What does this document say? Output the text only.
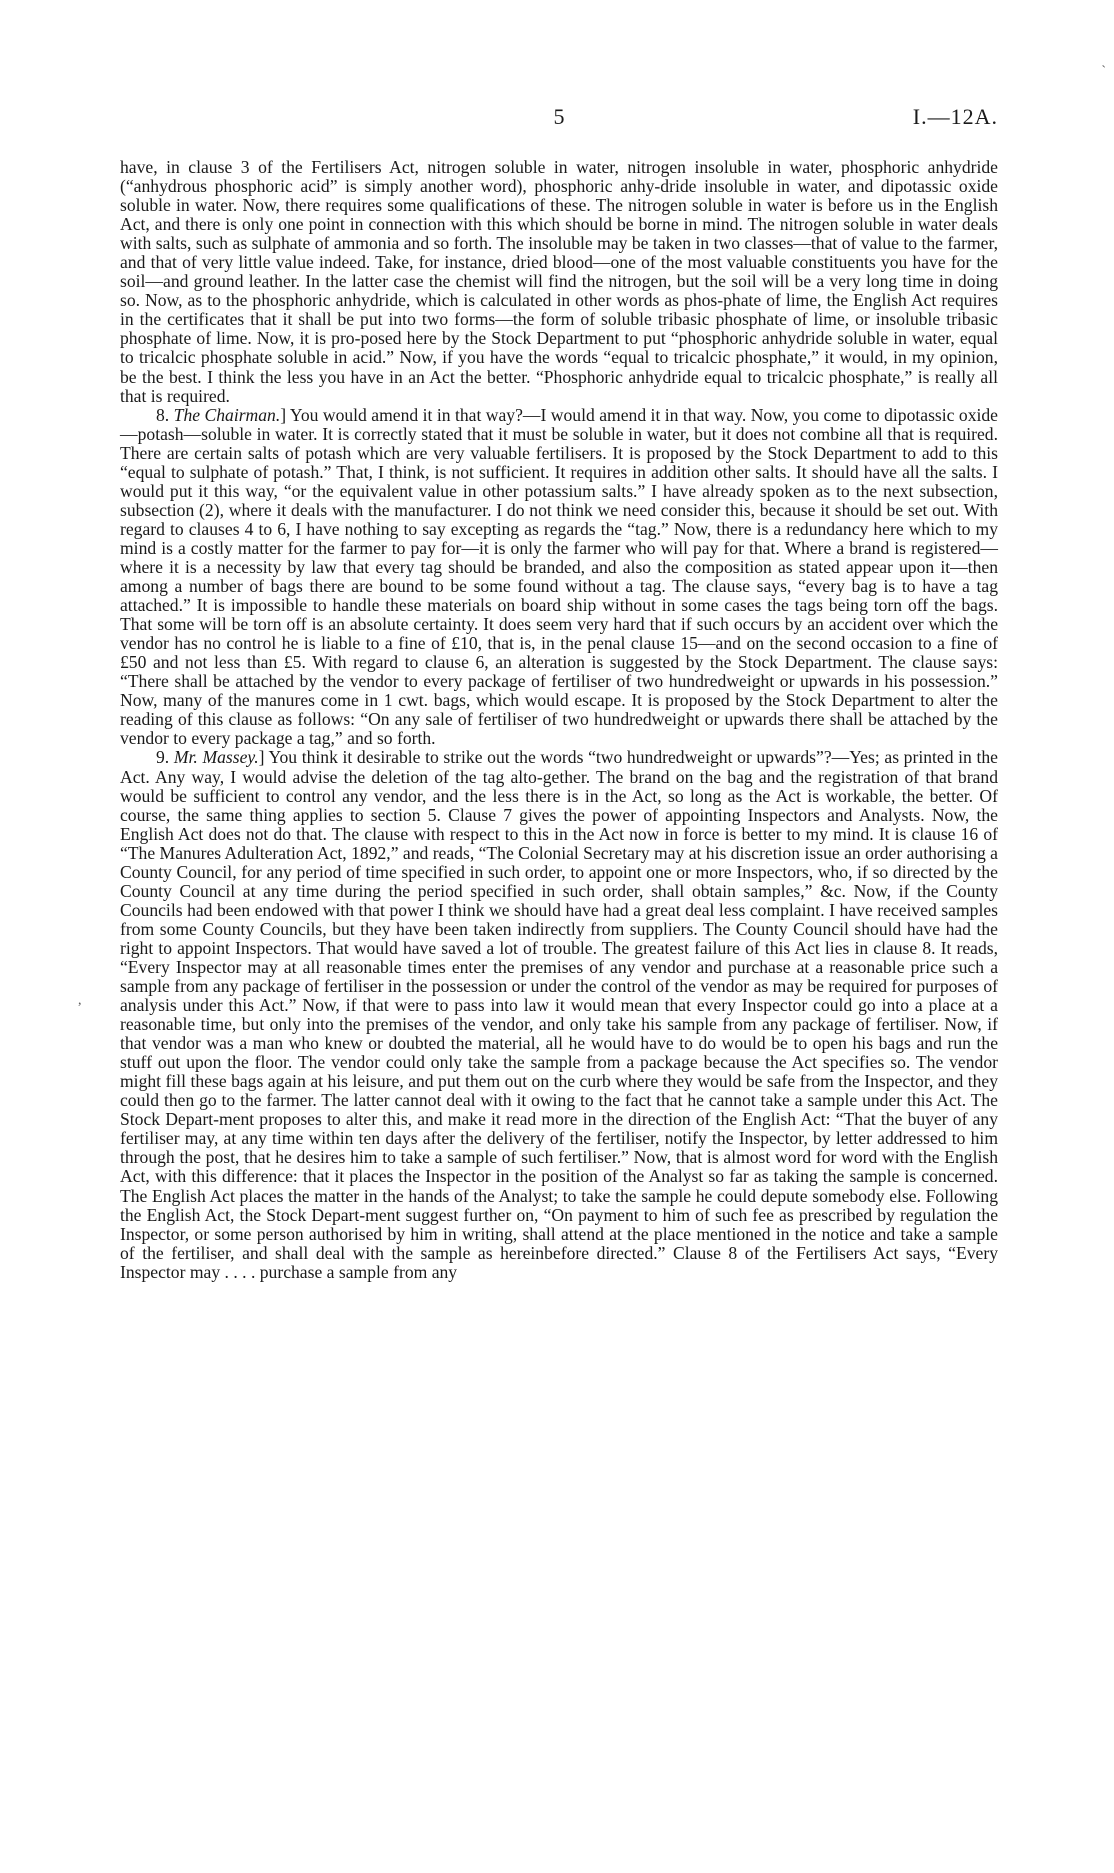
5	I.—12A.
`
,

have, in clause 3 of the Fertilisers Act, nitrogen soluble in water, nitrogen insoluble in water, phosphoric anhydride (“anhydrous phosphoric acid” is simply another word), phosphoric anhy-dride insoluble in water, and dipotassic oxide soluble in water. Now, there requires some qualifications of these. The nitrogen soluble in water is before us in the English Act, and there is only one point in connection with this which should be borne in mind. The nitrogen soluble in water deals with salts, such as sulphate of ammonia and so forth. The insoluble may be taken in two classes—that of value to the farmer, and that of very little value indeed. Take, for instance, dried blood—one of the most valuable constituents you have for the soil—and ground leather. In the latter case the chemist will find the nitrogen, but the soil will be a very long time in doing so. Now, as to the phosphoric anhydride, which is calculated in other words as phos-phate of lime, the English Act requires in the certificates that it shall be put into two forms—the form of soluble tribasic phosphate of lime, or insoluble tribasic phosphate of lime. Now, it is pro-posed here by the Stock Department to put “phosphoric anhydride soluble in water, equal to tricalcic phosphate soluble in acid.” Now, if you have the words “equal to tricalcic phosphate,” it would, in my opinion, be the best. I think the less you have in an Act the better. “Phosphoric anhydride equal to tricalcic phosphate,” is really all that is required.

8. The Chairman.] You would amend it in that way?—I would amend it in that way. Now, you come to dipotassic oxide—potash—soluble in water. It is correctly stated that it must be soluble in water, but it does not combine all that is required. There are certain salts of potash which are very valuable fertilisers. It is proposed by the Stock Department to add to this “equal to sulphate of potash.” That, I think, is not sufficient. It requires in addition other salts. It should have all the salts. I would put it this way, “or the equivalent value in other potassium salts.” I have already spoken as to the next subsection, subsection (2), where it deals with the manufacturer. I do not think we need consider this, because it should be set out. With regard to clauses 4 to 6, I have nothing to say excepting as regards the “tag.” Now, there is a redundancy here which to my mind is a costly matter for the farmer to pay for—it is only the farmer who will pay for that. Where a brand is registered—where it is a necessity by law that every tag should be branded, and also the composition as stated appear upon it—then among a number of bags there are bound to be some found without a tag. The clause says, “every bag is to have a tag attached.” It is impossible to handle these materials on board ship without in some cases the tags being torn off the bags. That some will be torn off is an absolute certainty. It does seem very hard that if such occurs by an accident over which the vendor has no control he is liable to a fine of £10, that is, in the penal clause 15—and on the second occasion to a fine of £50 and not less than £5. With regard to clause 6, an alteration is suggested by the Stock Department. The clause says: “There shall be attached by the vendor to every package of fertiliser of two hundredweight or upwards in his possession.” Now, many of the manures come in 1 cwt. bags, which would escape. It is proposed by the Stock Department to alter the reading of this clause as follows: “On any sale of fertiliser of two hundredweight or upwards there shall be attached by the vendor to every package a tag,” and so forth.

9. Mr. Massey.] You think it desirable to strike out the words “two hundredweight or upwards”?—Yes; as printed in the Act. Any way, I would advise the deletion of the tag alto-gether. The brand on the bag and the registration of that brand would be sufficient to control any vendor, and the less there is in the Act, so long as the Act is workable, the better. Of course, the same thing applies to section 5. Clause 7 gives the power of appointing Inspectors and Analysts. Now, the English Act does not do that. The clause with respect to this in the Act now in force is better to my mind. It is clause 16 of “The Manures Adulteration Act, 1892,” and reads, “The Colonial Secretary may at his discretion issue an order authorising a County Council, for any period of time specified in such order, to appoint one or more Inspectors, who, if so directed by the County Council at any time during the period specified in such order, shall obtain samples,” &c. Now, if the County Councils had been endowed with that power I think we should have had a great deal less complaint. I have received samples from some County Councils, but they have been taken indirectly from suppliers. The County Council should have had the right to appoint Inspectors. That would have saved a lot of trouble. The greatest failure of this Act lies in clause 8. It reads, “Every Inspector may at all reasonable times enter the premises of any vendor and purchase at a reasonable price such a sample from any package of fertiliser in the possession or under the control of the vendor as may be required for purposes of analysis under this Act.” Now, if that were to pass into law it would mean that every Inspector could go into a place at a reasonable time, but only into the premises of the vendor, and only take his sample from any package of fertiliser. Now, if that vendor was a man who knew or doubted the material, all he would have to do would be to open his bags and run the stuff out upon the floor. The vendor could only take the sample from a package because the Act specifies so. The vendor might fill these bags again at his leisure, and put them out on the curb where they would be safe from the Inspector, and they could then go to the farmer. The latter cannot deal with it owing to the fact that he cannot take a sample under this Act. The Stock Depart-ment proposes to alter this, and make it read more in the direction of the English Act: “That the buyer of any fertiliser may, at any time within ten days after the delivery of the fertiliser, notify the Inspector, by letter addressed to him through the post, that he desires him to take a sample of such fertiliser.” Now, that is almost word for word with the English Act, with this difference: that it places the Inspector in the position of the Analyst so far as taking the sample is concerned. The English Act places the matter in the hands of the Analyst; to take the sample he could depute somebody else. Following the English Act, the Stock Depart-ment suggest further on, “On payment to him of such fee as prescribed by regulation the Inspector, or some person authorised by him in writing, shall attend at the place mentioned in the notice and take a sample of the fertiliser, and shall deal with the sample as hereinbefore directed.” Clause 8 of the Fertilisers Act says, “Every Inspector may . . . . purchase a sample from any
